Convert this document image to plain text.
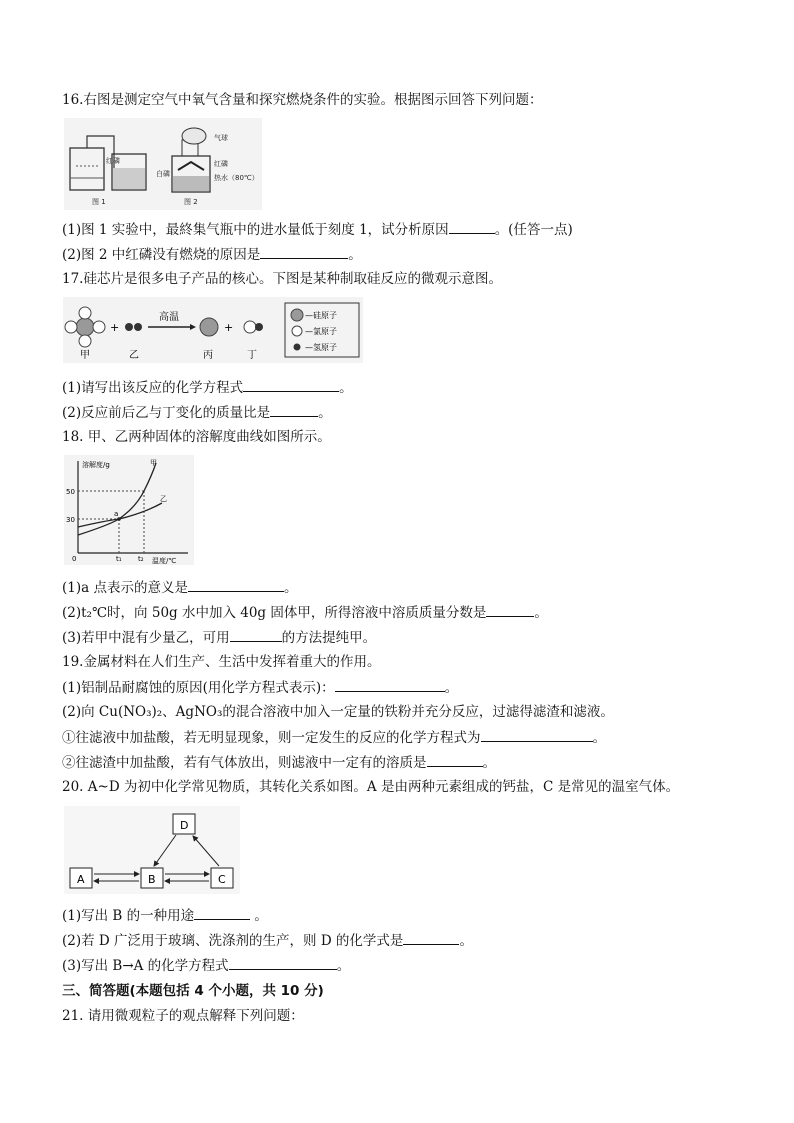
16.右图是测定空气中氧气含量和探究燃烧条件的实验。根据图示回答下列问题：
红磷
图 1
气球
红磷
热水（80℃）
白磷
图 2
(1)图 1 实验中，最終集气瓶中的进水量低于刻度 1，试分析原因	。(任答一点)
(2)图 2 中红磷没有燃烧的原因是	。
17.硅芯片是很多电子产品的核心。下图是某种制取硅反应的微观示意图。
甲
+
乙
高温
丙
+
丁
—硅原子
—氯原子
—氢原子
(1)请写出该反应的化学方程式	。
(2)反应前后乙与丁变化的质量比是	。
18. 甲、乙两种固体的溶解度曲线如图所示。
溶解度/g
温度/℃
50
30
0	t₁ t₂
a
甲
乙
(1)a 点表示的意义是	。
(2)t₂℃时，向 50g 水中加入 40g 固体甲，所得溶液中溶质质量分数是	。
(3)若甲中混有少量乙，可用	的方法提纯甲。
19.金属材料在人们生产、生活中发挥着重大的作用。
(1)铝制品耐腐蚀的原因(用化学方程式表示)：	。
(2)向 Cu(NO₃)₂、AgNO₃的混合溶液中加入一定量的铁粉并充分反应，过滤得滤渣和滤液。
①往滤液中加盐酸，若无明显现象，则一定发生的反应的化学方程式为	。
②往滤渣中加盐酸，若有气体放出，则滤液中一定有的溶质是	。
20. A~D 为初中化学常见物质，其转化关系如图。A 是由两种元素组成的钙盐，C 是常见的温室气体。
D
A	B	C
(1)写出 B 的一种用途	。
(2)若 D 广泛用于玻璃、洗涤剂的生产，则 D 的化学式是	。
(3)写出 B→A 的化学方程式	。
三、简答题(本题包括 4 个小题，共 10 分)
21. 请用微观粒子的观点解释下列问题：
